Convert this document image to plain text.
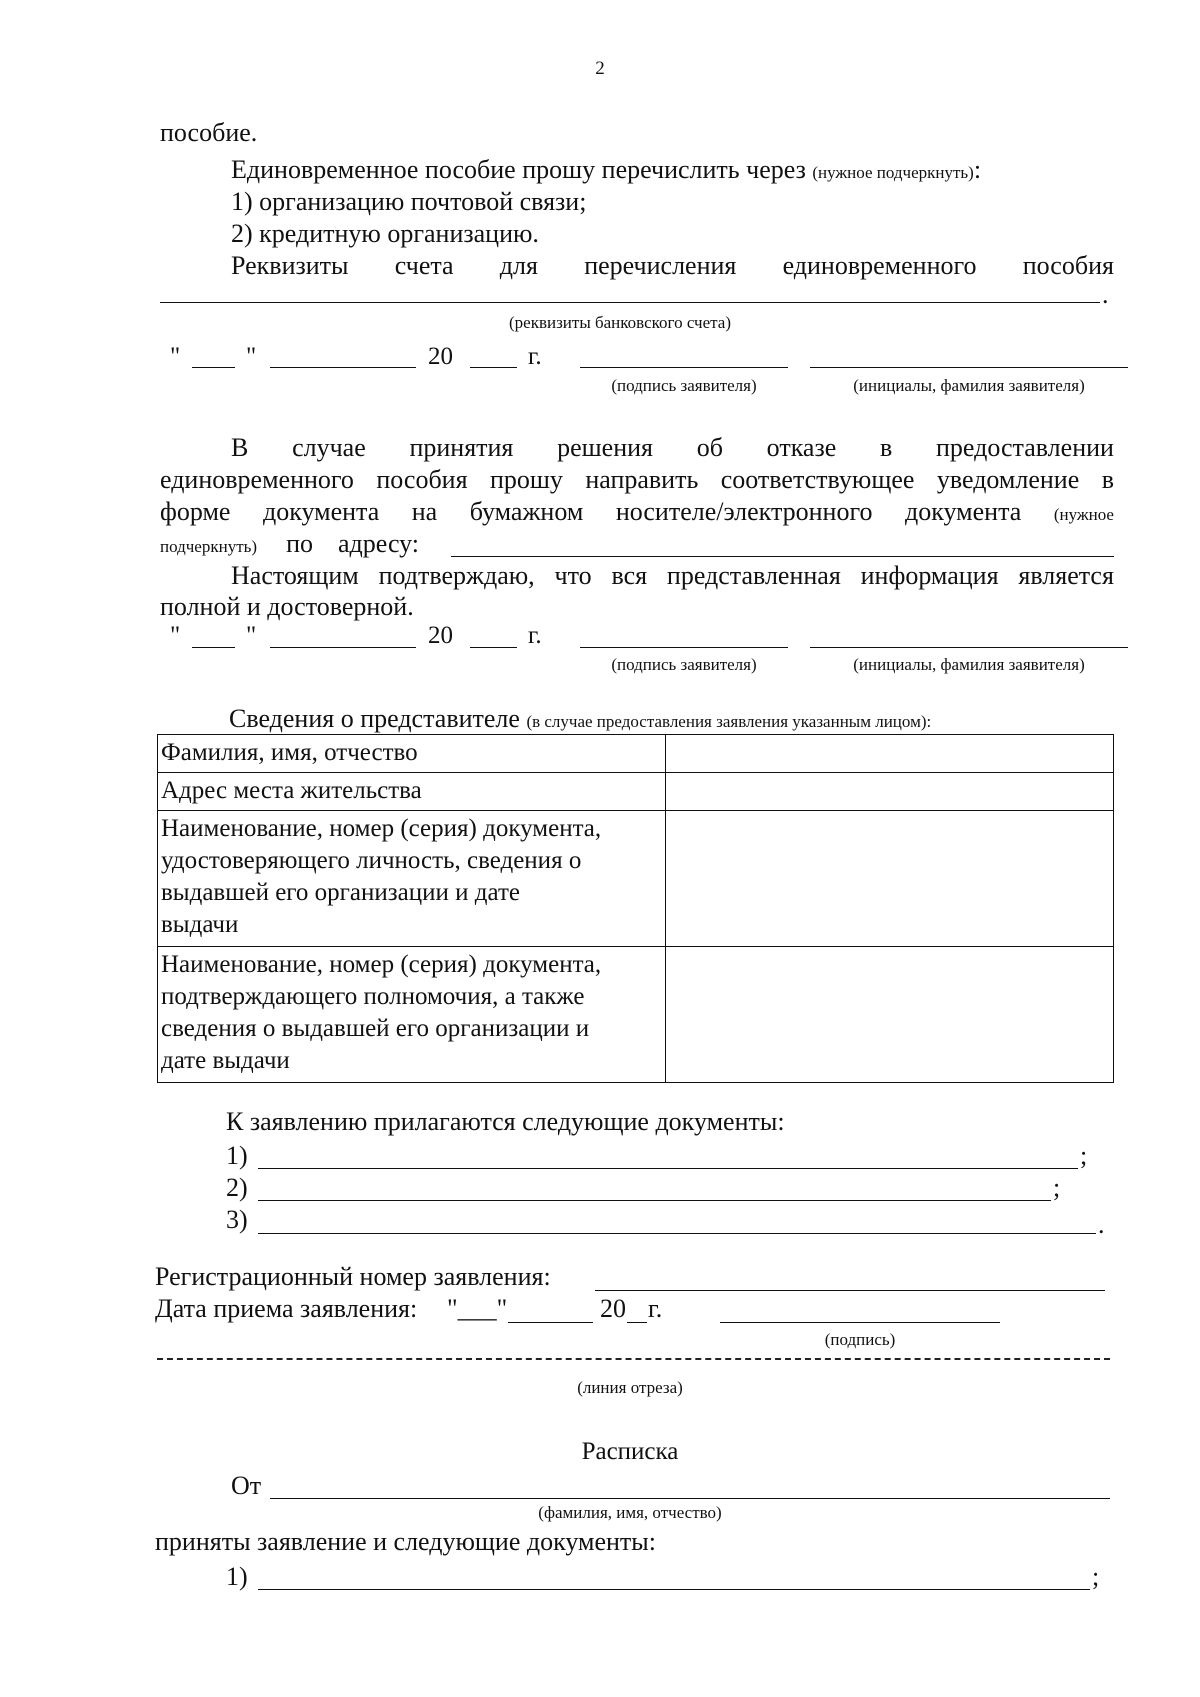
2
пособие.
Единовременное пособие прошу перечислить через (нужное подчеркнуть):
1) организацию почтовой связи;
2) кредитную организацию.
Реквизиты счета для перечисления единовременного пособия
.
(реквизиты банковского счета)
"	"	20	г.
(подпись заявителя)	(инициалы, фамилия заявителя)
В случае принятия решения об отказе в предоставлении
единовременного пособия прошу направить соответствующее уведомление в
форме документа на бумажном носителе/электронного документа (нужное
подчеркнуть) по адресу:
Настоящим подтверждаю, что вся представленная информация является
полной и достоверной.
"	"	20	г.
(подпись заявителя)	(инициалы, фамилия заявителя)
Сведения о представителе (в случае предоставления заявления указанным лицом):
Фамилия, имя, отчество	

Адрес места жительства	

Наименование, номер (серия) документа,
удостоверяющего личность, сведения о
выдавшей его организации и дате
выдачи	

Наименование, номер (серия) документа,
подтверждающего полномочия, а также
сведения о выдавшей его организации и
дате выдачи	

К заявлению прилагаются следующие документы:
1)	;
2)	;
3)	.
Регистрационный номер заявления:
Дата приема заявления: "___"	20 г.
(подпись)
(линия отреза)
Расписка
От
(фамилия, имя, отчество)
приняты заявление и следующие документы:
1)	;
